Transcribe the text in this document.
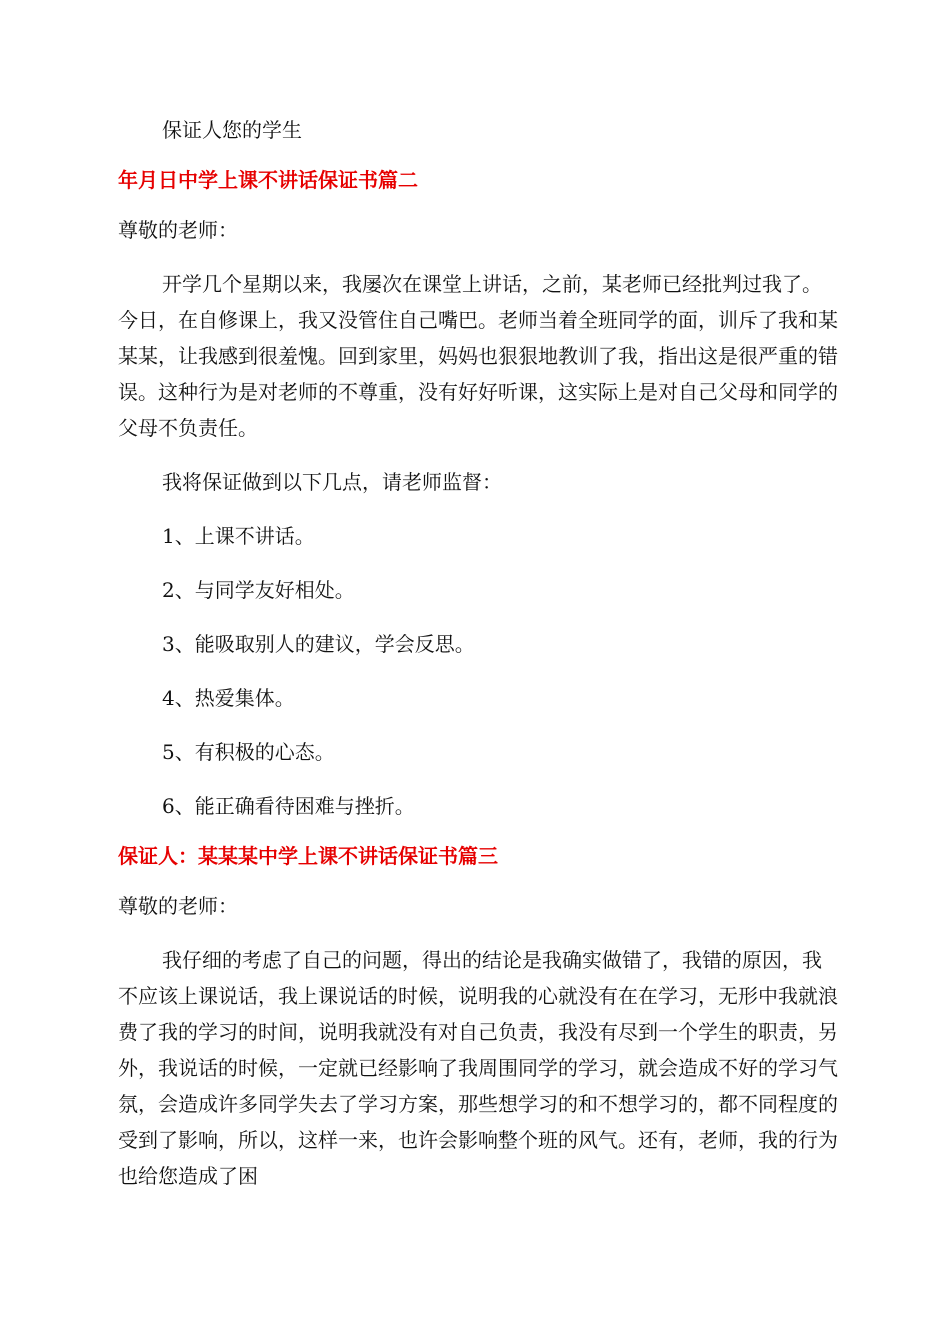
保证人您的学生

年月日中学上课不讲话保证书篇二

尊敬的老师：

开学几个星期以来，我屡次在课堂上讲话，之前，某老师已经批判过我了。今日，在自修课上，我又没管住自己嘴巴。老师当着全班同学的面，训斥了我和某某某，让我感到很羞愧。回到家里，妈妈也狠狠地教训了我，指出这是很严重的错误。这种行为是对老师的不尊重，没有好好听课，这实际上是对自己父母和同学的父母不负责任。

我将保证做到以下几点，请老师监督：

1、上课不讲话。

2、与同学友好相处。

3、能吸取别人的建议，学会反思。

4、热爱集体。

5、有积极的心态。

6、能正确看待困难与挫折。

保证人：某某某中学上课不讲话保证书篇三

尊敬的老师：

我仔细的考虑了自己的问题，得出的结论是我确实做错了，我错的原因，我不应该上课说话，我上课说话的时候，说明我的心就没有在在学习，无形中我就浪费了我的学习的时间，说明我就没有对自己负责，我没有尽到一个学生的职责，另外，我说话的时候，一定就已经影响了我周围同学的学习，就会造成不好的学习气氛，会造成许多同学失去了学习方案，那些想学习的和不想学习的，都不同程度的受到了影响，所以，这样一来，也许会影响整个班的风气。还有，老师，我的行为也给您造成了困
